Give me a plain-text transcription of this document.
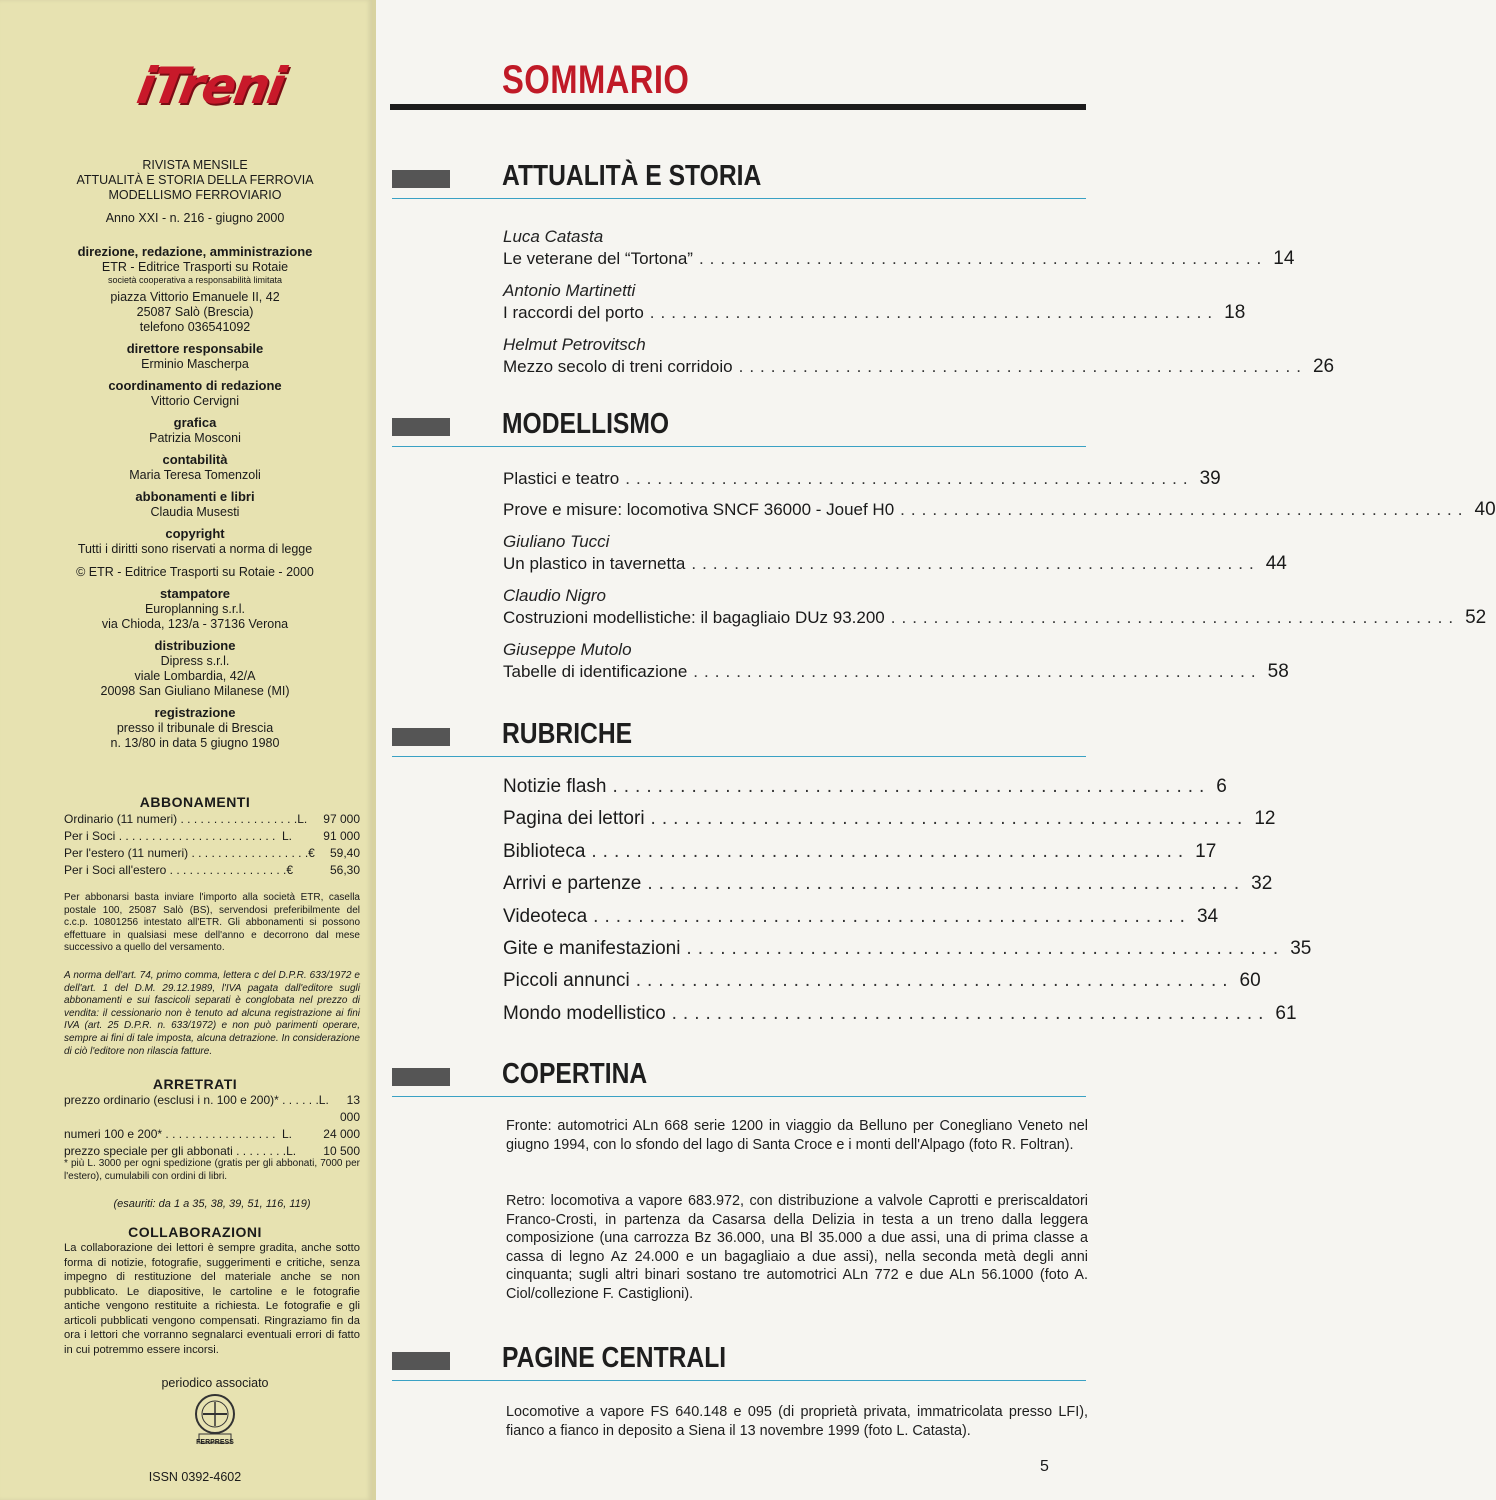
iTreni
RIVISTA MENSILE
ATTUALITÀ E STORIA DELLA FERROVIA
MODELLISMO FERROVIARIO
Anno XXI - n. 216 - giugno 2000
direzione, redazione, amministrazione
ETR - Editrice Trasporti su Rotaie
società cooperativa a responsabilità limitata
piazza Vittorio Emanuele II, 42
25087 Salò (Brescia)
telefono 036541092
direttore responsabile
Erminio Mascherpa
coordinamento di redazione
Vittorio Cervigni
grafica
Patrizia Mosconi
contabilità
Maria Teresa Tomenzoli
abbonamenti e libri
Claudia Musesti
copyright
Tutti i diritti sono riservati a norma di legge
© ETR - Editrice Trasporti su Rotaie - 2000
stampatore
Europlanning s.r.l.
via Chioda, 123/a - 37136 Verona
distribuzione
Dipress s.r.l.
viale Lombardia, 42/A
20098 San Giuliano Milanese (MI)
registrazione
presso il tribunale di Brescia
n. 13/80 in data 5 giugno 1980
ABBONAMENTI
Ordinario (11 numeri) . . . . . . . . . . . . . . . . . . L.	97 000
Per i Soci . . . . . . . . . . . . . . . . . . . . . . . . L.	91 000
Per l'estero (11 numeri) . . . . . . . . . . . . . . . . . . €	59,40
Per i Soci all'estero . . . . . . . . . . . . . . . . . . €	56,30
Per abbonarsi basta inviare l'importo alla società ETR, casella postale 100, 25087 Salò (BS), servendosi preferibilmente del c.c.p. 10801256 intestato all'ETR. Gli abbonamenti si possono effettuare in qualsiasi mese dell'anno e decorrono dal mese successivo a quello del versamento.
A norma dell'art. 74, primo comma, lettera c del D.P.R. 633/1972 e dell'art. 1 del D.M. 29.12.1989, l'IVA pagata dall'editore sugli abbonamenti e sui fascicoli separati è conglobata nel prezzo di vendita: il cessionario non è tenuto ad alcuna registrazione ai fini IVA (art. 25 D.P.R. n. 633/1972) e non può parimenti operare, sempre ai fini di tale imposta, alcuna detrazione. In considerazione di ciò l'editore non rilascia fatture.
ARRETRATI
prezzo ordinario (esclusi i n. 100 e 200)* . . . . . . L.	13 000
numeri 100 e 200* . . . . . . . . . . . . . . . . . L.	24 000
prezzo speciale per gli abbonati . . . . . . . . L.	10 500
* più L. 3000 per ogni spedizione (gratis per gli abbonati, 7000 per l'estero), cumulabili con ordini di libri.
(esauriti: da 1 a 35, 38, 39, 51, 116, 119)
COLLABORAZIONI
La collaborazione dei lettori è sempre gradita, anche sotto forma di notizie, fotografie, suggerimenti e critiche, senza impegno di restituzione del materiale anche se non pubblicato. Le diapositive, le cartoline e le fotografie antiche vengono restituite a richiesta. Le fotografie e gli articoli pubblicati vengono compensati. Ringraziamo fin da ora i lettori che vorranno segnalarci eventuali errori di fatto in cui potremmo essere incorsi.
periodico associato
FERPRESS
ISSN 0392-4602
SOMMARIO
ATTUALITÀ E STORIA
Luca Catasta
Le veterane del “Tortona” ..................................................... 14
Antonio Martinetti
I raccordi del porto ..................................................... 18
Helmut Petrovitsch
Mezzo secolo di treni corridoio ..................................................... 26
MODELLISMO
Plastici e teatro ..................................................... 39
Prove e misure: locomotiva SNCF 36000 - Jouef H0 ..................................................... 40
Giuliano Tucci
Un plastico in tavernetta ..................................................... 44
Claudio Nigro
Costruzioni modellistiche: il bagagliaio DUz 93.200 ..................................................... 52
Giuseppe Mutolo
Tabelle di identificazione ..................................................... 58
RUBRICHE
Notizie flash ..................................................... 6
Pagina dei lettori ..................................................... 12
Biblioteca ..................................................... 17
Arrivi e partenze ..................................................... 32
Videoteca ..................................................... 34
Gite e manifestazioni ..................................................... 35
Piccoli annunci ..................................................... 60
Mondo modellistico ..................................................... 61
COPERTINA
Fronte: automotrici ALn 668 serie 1200 in viaggio da Belluno per Conegliano Veneto nel giugno 1994, con lo sfondo del lago di Santa Croce e i monti dell'Alpago (foto R. Foltran).
Retro: locomotiva a vapore 683.972, con distribuzione a valvole Caprotti e preriscaldatori Franco-Crosti, in partenza da Casarsa della Delizia in testa a un treno dalla leggera composizione (una carrozza Bz 36.000, una Bl 35.000 a due assi, una di prima classe a cassa di legno Az 24.000 e un bagagliaio a due assi), nella seconda metà degli anni cinquanta; sugli altri binari sostano tre automotrici ALn 772 e due ALn 56.1000 (foto A. Ciol/collezione F. Castiglioni).
PAGINE CENTRALI
Locomotive a vapore FS 640.148 e 095 (di proprietà privata, immatricolata presso LFI), fianco a fianco in deposito a Siena il 13 novembre 1999 (foto L. Catasta).
5
